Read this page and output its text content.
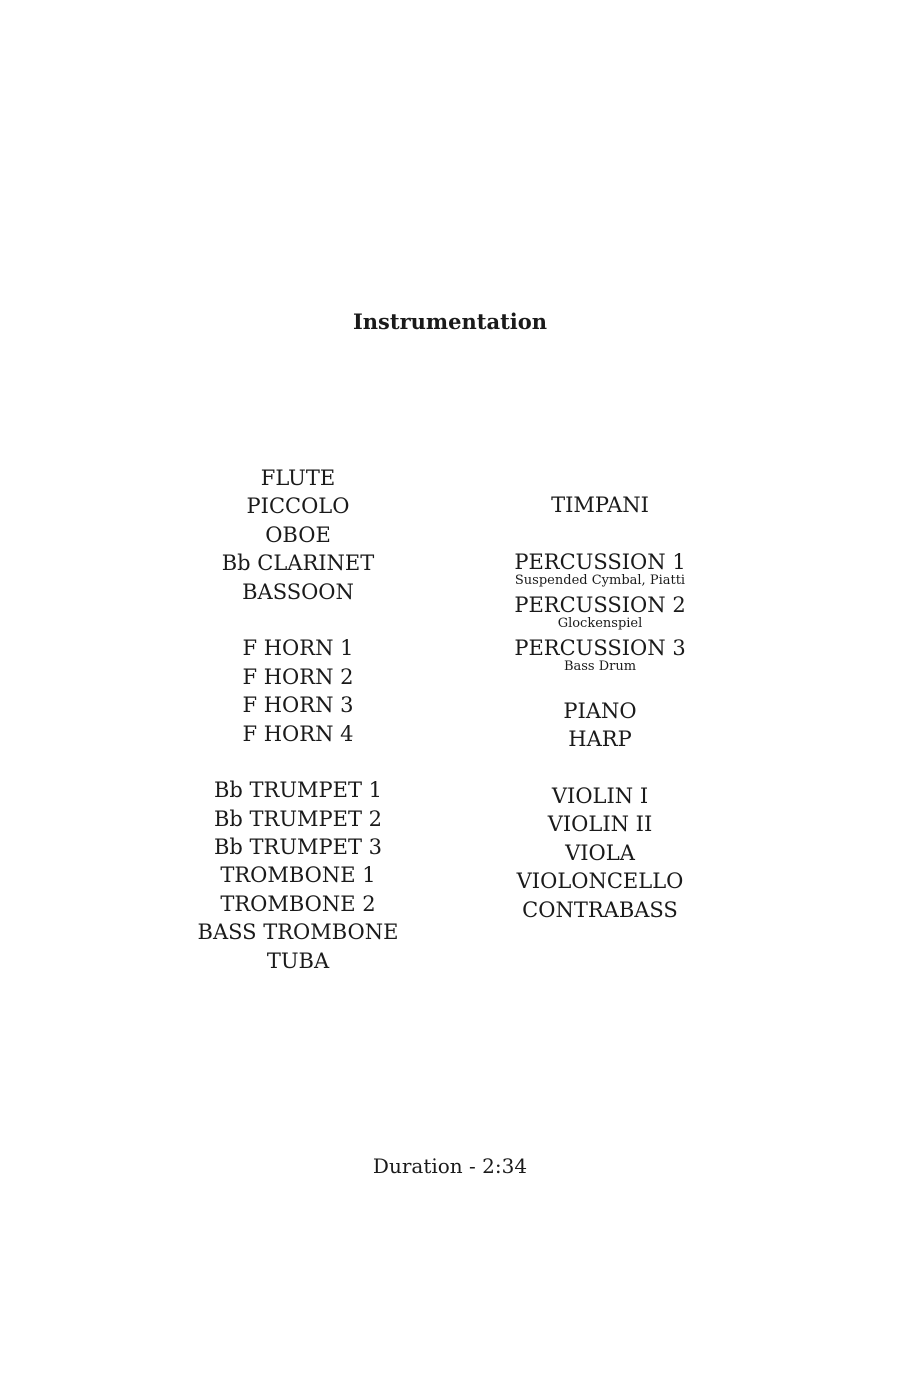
Instrumentation
FLUTE
PICCOLO
OBOE
Bb CLARINET
BASSOON
F HORN 1
F HORN 2
F HORN 3
F HORN 4
Bb TRUMPET 1
Bb TRUMPET 2
Bb TRUMPET 3
TROMBONE 1
TROMBONE 2
BASS TROMBONE
TUBA
TIMPANI
PERCUSSION 1
Suspended Cymbal, Piatti
PERCUSSION 2
Glockenspiel
PERCUSSION 3
Bass Drum
PIANO
HARP
VIOLIN I
VIOLIN II
VIOLA
VIOLONCELLO
CONTRABASS
Duration - 2:34
